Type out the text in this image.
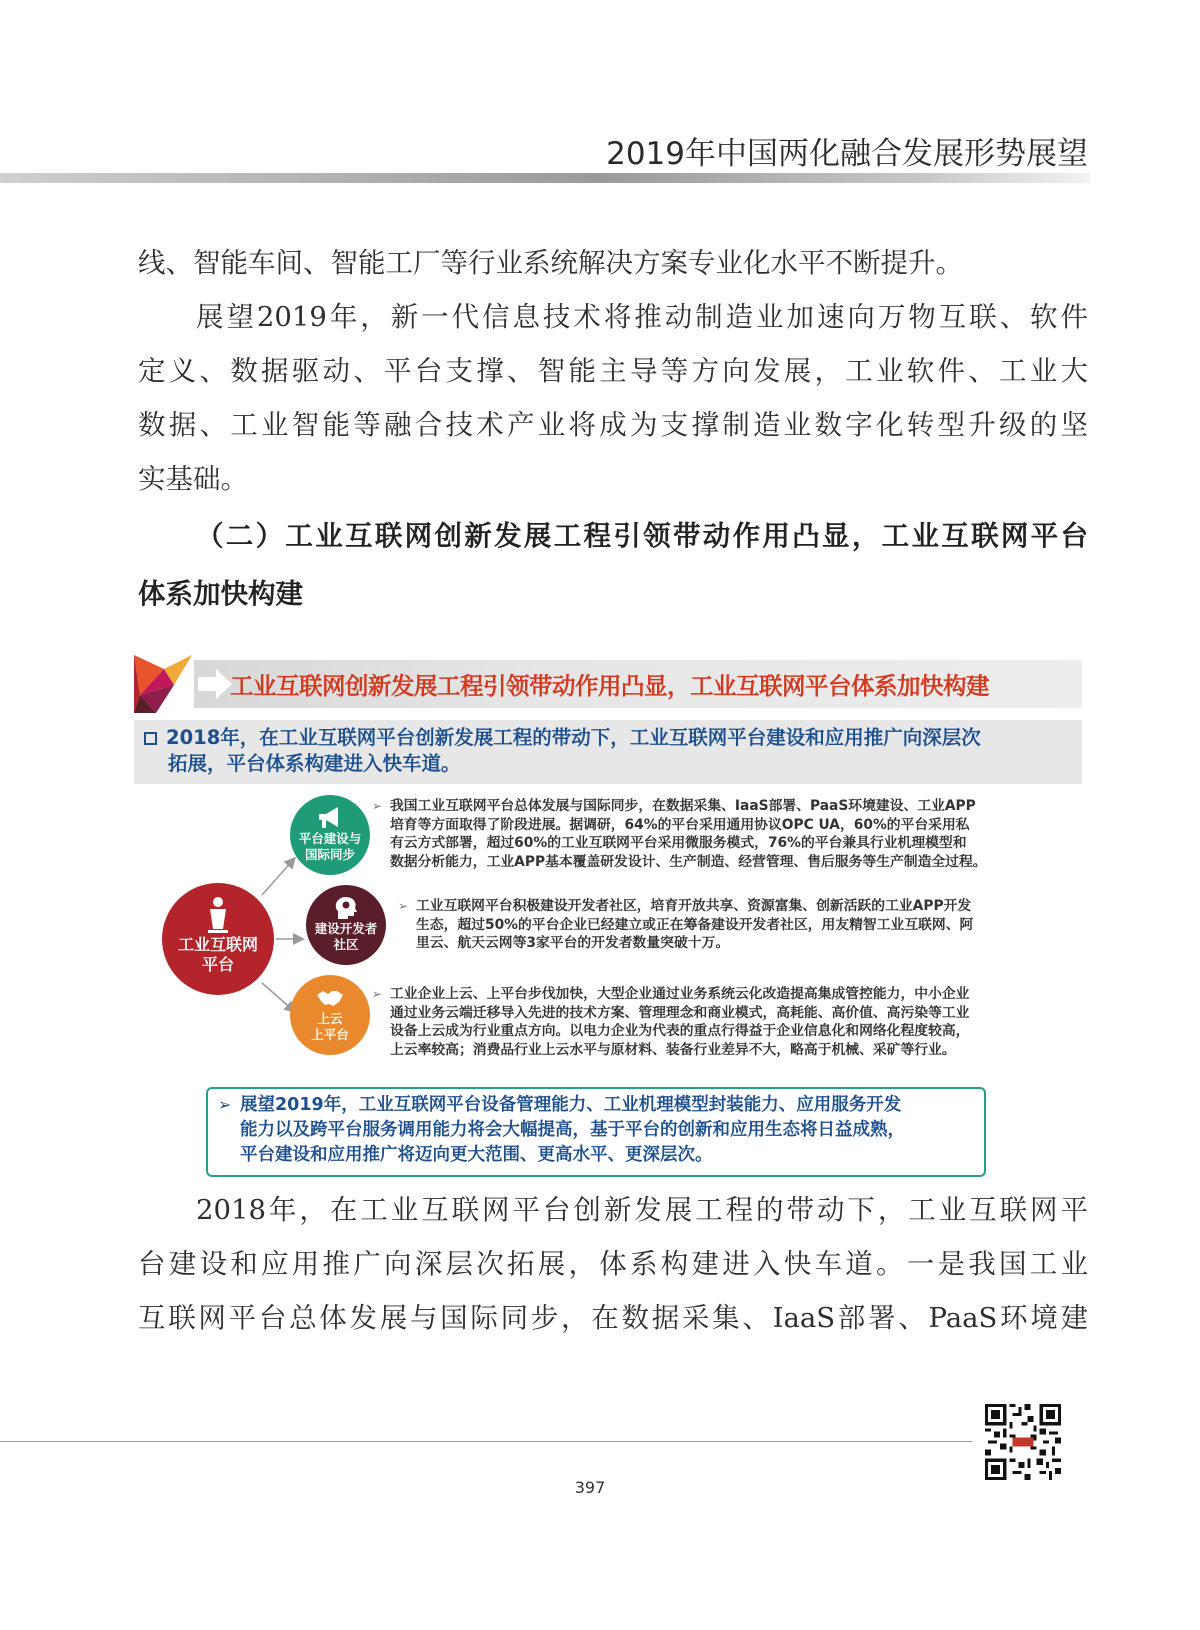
2019年中国两化融合发展形势展望

线、智能车间、智能工厂等行业系统解决方案专业化水平不断提升。

展望2019年，新一代信息技术将推动制造业加速向万物互联、软件

定义、数据驱动、平台支撑、智能主导等方向发展，工业软件、工业大

数据、工业智能等融合技术产业将成为支撑制造业数字化转型升级的坚

实基础。

（二）工业互联网创新发展工程引领带动作用凸显，工业互联网平台

体系加快构建

工业互联网创新发展工程引领带动作用凸显，工业互联网平台体系加快构建
2018年，在工业互联网平台创新发展工程的带动下，工业互联网平台建设和应用推广向深层次
拓展，平台体系构建进入快车道。
工业互联网
平台
平台建设与
国际同步
建设开发者
社区
上云
上平台
➢ 我国工业互联网平台总体发展与国际同步，在数据采集、IaaS部署、PaaS环境建设、工业APP
培育等方面取得了阶段进展。据调研，64%的平台采用通用协议OPC UA，60%的平台采用私
有云方式部署，超过60%的工业互联网平台采用微服务模式，76%的平台兼具行业机理模型和
数据分析能力，工业APP基本覆盖研发设计、生产制造、经营管理、售后服务等生产制造全过程。
➢ 工业互联网平台积极建设开发者社区，培育开放共享、资源富集、创新活跃的工业APP开发
生态，超过50%的平台企业已经建立或正在筹备建设开发者社区，用友精智工业互联网、阿
里云、航天云网等3家平台的开发者数量突破十万。
➢ 工业企业上云、上平台步伐加快，大型企业通过业务系统云化改造提高集成管控能力，中小企业
通过业务云端迁移导入先进的技术方案、管理理念和商业模式，高耗能、高价值、高污染等工业
设备上云成为行业重点方向。以电力企业为代表的重点行得益于企业信息化和网络化程度较高，
上云率较高；消费品行业上云水平与原材料、装备行业差异不大，略高于机械、采矿等行业。
➢ 展望2019年，工业互联网平台设备管理能力、工业机理模型封装能力、应用服务开发
能力以及跨平台服务调用能力将会大幅提高，基于平台的创新和应用生态将日益成熟，
平台建设和应用推广将迈向更大范围、更高水平、更深层次。

2018年，在工业互联网平台创新发展工程的带动下，工业互联网平

台建设和应用推广向深层次拓展，体系构建进入快车道。一是我国工业

互联网平台总体发展与国际同步，在数据采集、IaaS部署、PaaS环境建

397
